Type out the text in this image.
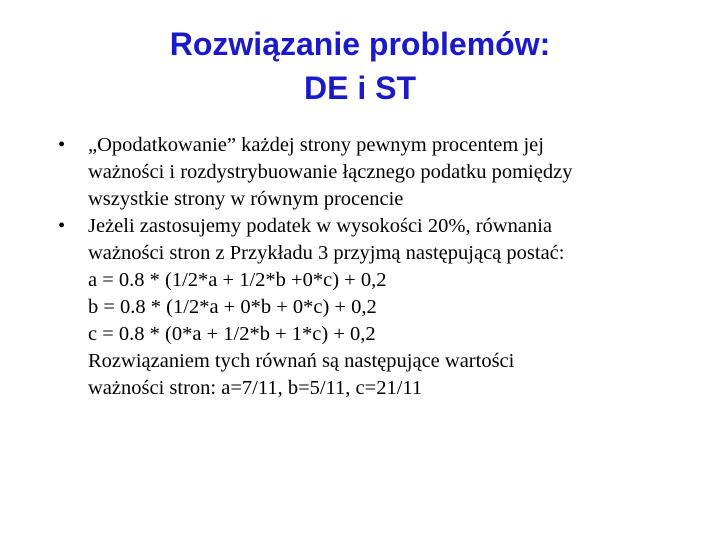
Rozwiązanie problemów:
DE i ST
• „Opodatkowanie” każdej strony pewnym procentem jej
ważności i rozdystrybuowanie łącznego podatku pomiędzy
wszystkie strony w równym procencie
• Jeżeli zastosujemy podatek w wysokości 20%, równania
ważności stron z Przykładu 3 przyjmą następującą postać:
a = 0.8 * (1/2*a + 1/2*b +0*c) + 0,2
b = 0.8 * (1/2*a + 0*b + 0*c) + 0,2
c = 0.8 * (0*a + 1/2*b + 1*c) + 0,2
Rozwiązaniem tych równań są następujące wartości
ważności stron: a=7/11, b=5/11, c=21/11
